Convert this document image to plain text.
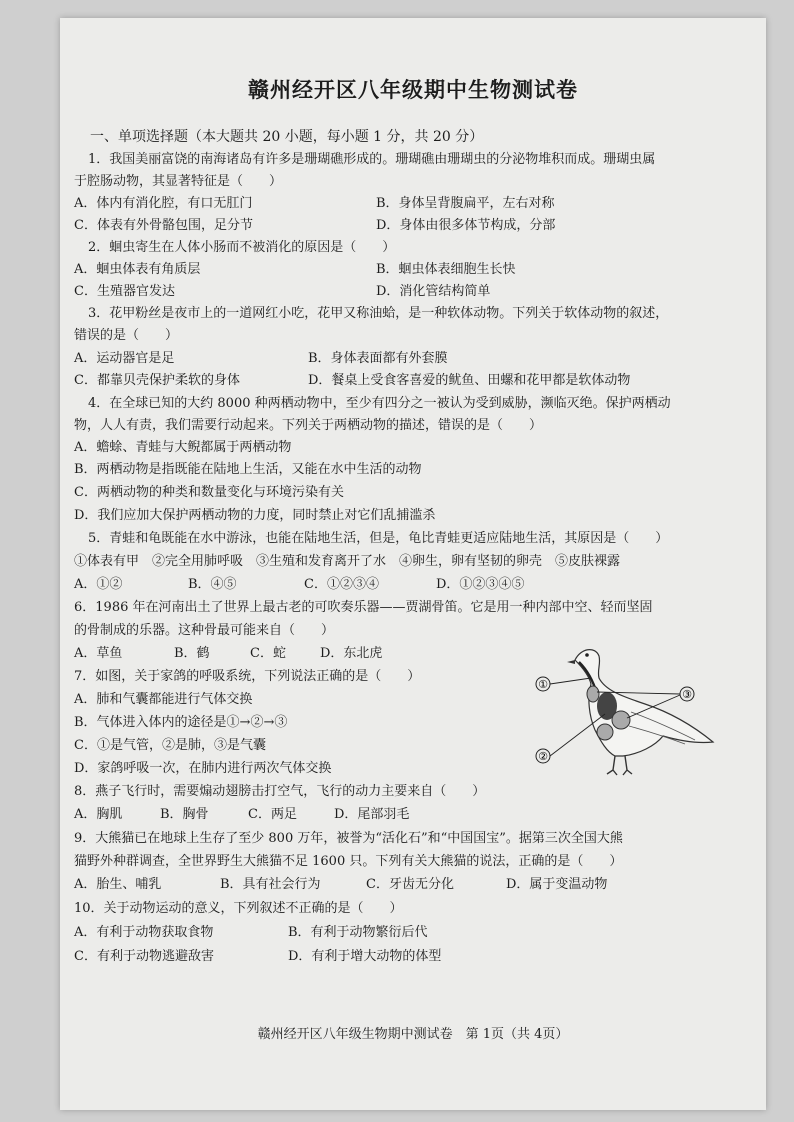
赣州经开区八年级期中生物测试卷
一、单项选择题（本大题共 20 小题，每小题 1 分，共 20 分）
1．我国美丽富饶的南海诸岛有许多是珊瑚礁形成的。珊瑚礁由珊瑚虫的分泌物堆积而成。珊瑚虫属
于腔肠动物，其显著特征是（　　）
A．体内有消化腔，有口无肛门	B．身体呈背腹扁平，左右对称
C．体表有外骨骼包围，足分节	D．身体由很多体节构成，分部
2．蛔虫寄生在人体小肠而不被消化的原因是（　　）
A．蛔虫体表有角质层	B．蛔虫体表细胞生长快
C．生殖器官发达	D．消化管结构简单
3．花甲粉丝是夜市上的一道网红小吃，花甲又称油蛤，是一种软体动物。下列关于软体动物的叙述，
错误的是（　　）
A．运动器官是足	B．身体表面都有外套膜
C．都靠贝壳保护柔软的身体	D．餐桌上受食客喜爱的鱿鱼、田螺和花甲都是软体动物
4．在全球已知的大约 8000 种两栖动物中，至少有四分之一被认为受到威胁，濒临灭绝。保护两栖动
物，人人有责，我们需要行动起来。下列关于两栖动物的描述，错误的是（　　）
A．蟾蜍、青蛙与大鲵都属于两栖动物
B．两栖动物是指既能在陆地上生活，又能在水中生活的动物
C．两栖动物的种类和数量变化与环境污染有关
D．我们应加大保护两栖动物的力度，同时禁止对它们乱捕滥杀
5．青蛙和龟既能在水中游泳，也能在陆地生活，但是，龟比青蛙更适应陆地生活，其原因是（　　）
①体表有甲　②完全用肺呼吸　③生殖和发育离开了水　④卵生，卵有坚韧的卵壳　⑤皮肤裸露
A．①②	B．④⑤	C．①②③④	D．①②③④⑤
6．1986 年在河南出土了世界上最古老的可吹奏乐器——贾湖骨笛。它是用一种内部中空、轻而坚固
的骨制成的乐器。这种骨最可能来自（　　）
A．草鱼	B．鹤	C．蛇	D．东北虎
7．如图，关于家鸽的呼吸系统，下列说法正确的是（　　）
A．肺和气囊都能进行气体交换
B．气体进入体内的途径是①→②→③
C．①是气管，②是肺，③是气囊
D．家鸽呼吸一次，在肺内进行两次气体交换
①
②
③
8．燕子飞行时，需要煽动翅膀击打空气，飞行的动力主要来自（　　）
A．胸肌	B．胸骨	C．两足	D．尾部羽毛
9．大熊猫已在地球上生存了至少 800 万年，被誉为“活化石”和“中国国宝”。据第三次全国大熊
猫野外种群调查，全世界野生大熊猫不足 1600 只。下列有关大熊猫的说法，正确的是（　　）
A．胎生、哺乳	B．具有社会行为	C．牙齿无分化	D．属于变温动物
10．关于动物运动的意义，下列叙述不正确的是（　　）
A．有利于动物获取食物	B．有利于动物繁衍后代
C．有利于动物逃避敌害	D．有利于增大动物的体型
赣州经开区八年级生物期中测试卷　第 1页（共 4页）
